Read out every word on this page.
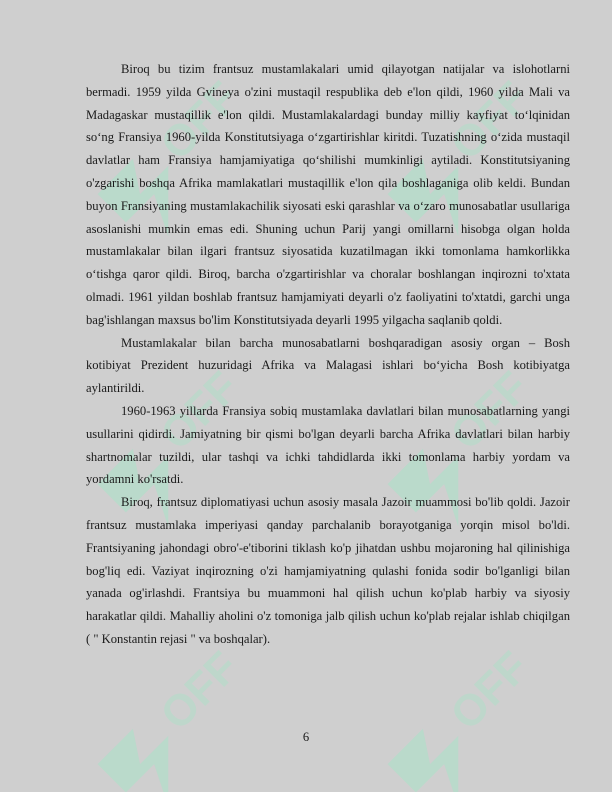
OFF	OFF
OFF	OFF
OFF	OFF

Biroq bu tizim frantsuz mustamlakalari umid qilayotgan natijalar va islohotlarni bermadi. 1959 yilda Gvineya o'zini mustaqil respublika deb e'lon qildi, 1960 yilda Mali va Madagaskar mustaqillik e'lon qildi. Mustamlakalardagi bunday milliy kayfiyat to‘lqinidan so‘ng Fransiya 1960-yilda Konstitutsiyaga o‘zgartirishlar kiritdi. Tuzatishning o‘zida mustaqil davlatlar ham Fransiya hamjamiyatiga qo‘shilishi mumkinligi aytiladi. Konstitutsiyaning o'zgarishi boshqa Afrika mamlakatlari mustaqillik e'lon qila boshlaganiga olib keldi. Bundan buyon Fransiyaning mustamlakachilik siyosati eski qarashlar va o‘zaro munosabatlar usullariga asoslanishi mumkin emas edi. Shuning uchun Parij yangi omillarni hisobga olgan holda mustamlakalar bilan ilgari frantsuz siyosatida kuzatilmagan ikki tomonlama hamkorlikka o‘tishga qaror qildi. Biroq, barcha o'zgartirishlar va choralar boshlangan inqirozni to'xtata olmadi. 1961 yildan boshlab frantsuz hamjamiyati deyarli o'z faoliyatini to'xtatdi, garchi unga bag'ishlangan maxsus bo'lim Konstitutsiyada deyarli 1995 yilgacha saqlanib qoldi.

Mustamlakalar bilan barcha munosabatlarni boshqaradigan asosiy organ – Bosh kotibiyat Prezident huzuridagi Afrika va Malagasi ishlari bo‘yicha Bosh kotibiyatga aylantirildi.

1960-1963 yillarda Fransiya sobiq mustamlaka davlatlari bilan munosabatlarning yangi usullarini qidirdi. Jamiyatning bir qismi bo'lgan deyarli barcha Afrika davlatlari bilan harbiy shartnomalar tuzildi, ular tashqi va ichki tahdidlarda ikki tomonlama harbiy yordam va yordamni ko'rsatdi.

Biroq, frantsuz diplomatiyasi uchun asosiy masala Jazoir muammosi bo'lib qoldi. Jazoir frantsuz mustamlaka imperiyasi qanday parchalanib borayotganiga yorqin misol bo'ldi. Frantsiyaning jahondagi obro'-e'tiborini tiklash ko'p jihatdan ushbu mojaroning hal qilinishiga bog'liq edi. Vaziyat inqirozning o'zi hamjamiyatning qulashi fonida sodir bo'lganligi bilan yanada og'irlashdi. Frantsiya bu muammoni hal qilish uchun ko'plab harbiy va siyosiy harakatlar qildi. Mahalliy aholini o'z tomoniga jalb qilish uchun ko'plab rejalar ishlab chiqilgan ( " Konstantin rejasi " va boshqalar).

6
